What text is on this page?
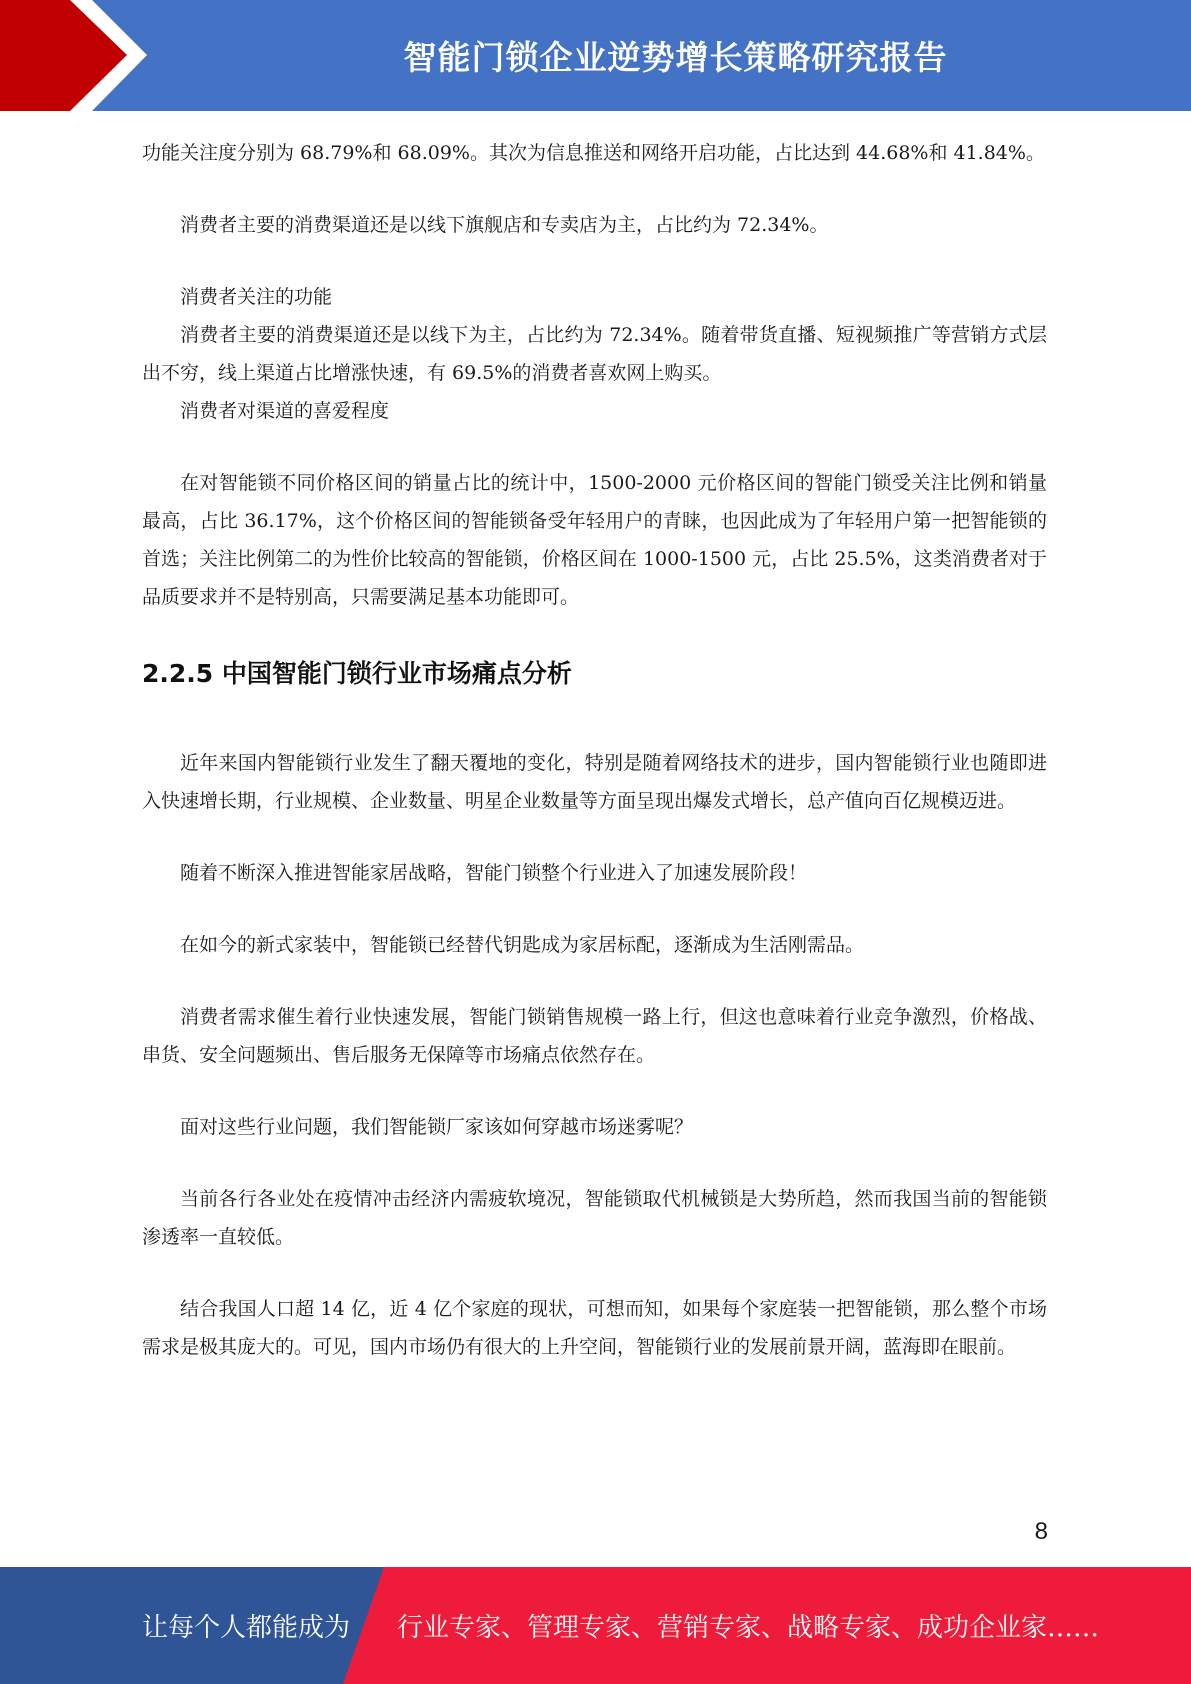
智能门锁企业逆势增长策略研究报告

功能关注度分别为 68.79%和 68.09%。其次为信息推送和网络开启功能，占比达到 44.68%和 41.84%。

消费者主要的消费渠道还是以线下旗舰店和专卖店为主，占比约为 72.34%。

消费者关注的功能

消费者主要的消费渠道还是以线下为主，占比约为 72.34%。随着带货直播、短视频推广等营销方式层出不穷，线上渠道占比增涨快速，有 69.5%的消费者喜欢网上购买。

消费者对渠道的喜爱程度

在对智能锁不同价格区间的销量占比的统计中，1500-2000 元价格区间的智能门锁受关注比例和销量最高，占比 36.17%，这个价格区间的智能锁备受年轻用户的青睐，也因此成为了年轻用户第一把智能锁的首选；关注比例第二的为性价比较高的智能锁，价格区间在 1000-1500 元，占比 25.5%，这类消费者对于品质要求并不是特别高，只需要满足基本功能即可。

2.2.5 中国智能门锁行业市场痛点分析

近年来国内智能锁行业发生了翻天覆地的变化，特别是随着网络技术的进步，国内智能锁行业也随即进入快速增长期，行业规模、企业数量、明星企业数量等方面呈现出爆发式增长，总产值向百亿规模迈进。

随着不断深入推进智能家居战略，智能门锁整个行业进入了加速发展阶段！

在如今的新式家装中，智能锁已经替代钥匙成为家居标配，逐渐成为生活刚需品。

消费者需求催生着行业快速发展，智能门锁销售规模一路上行，但这也意味着行业竞争激烈，价格战、串货、安全问题频出、售后服务无保障等市场痛点依然存在。

面对这些行业问题，我们智能锁厂家该如何穿越市场迷雾呢？

当前各行各业处在疫情冲击经济内需疲软境况，智能锁取代机械锁是大势所趋，然而我国当前的智能锁渗透率一直较低。

结合我国人口超 14 亿，近 4 亿个家庭的现状，可想而知，如果每个家庭装一把智能锁，那么整个市场需求是极其庞大的。可见，国内市场仍有很大的上升空间，智能锁行业的发展前景开阔，蓝海即在眼前。

8
让每个人都能成为 行业专家、管理专家、营销专家、战略专家、成功企业家……
